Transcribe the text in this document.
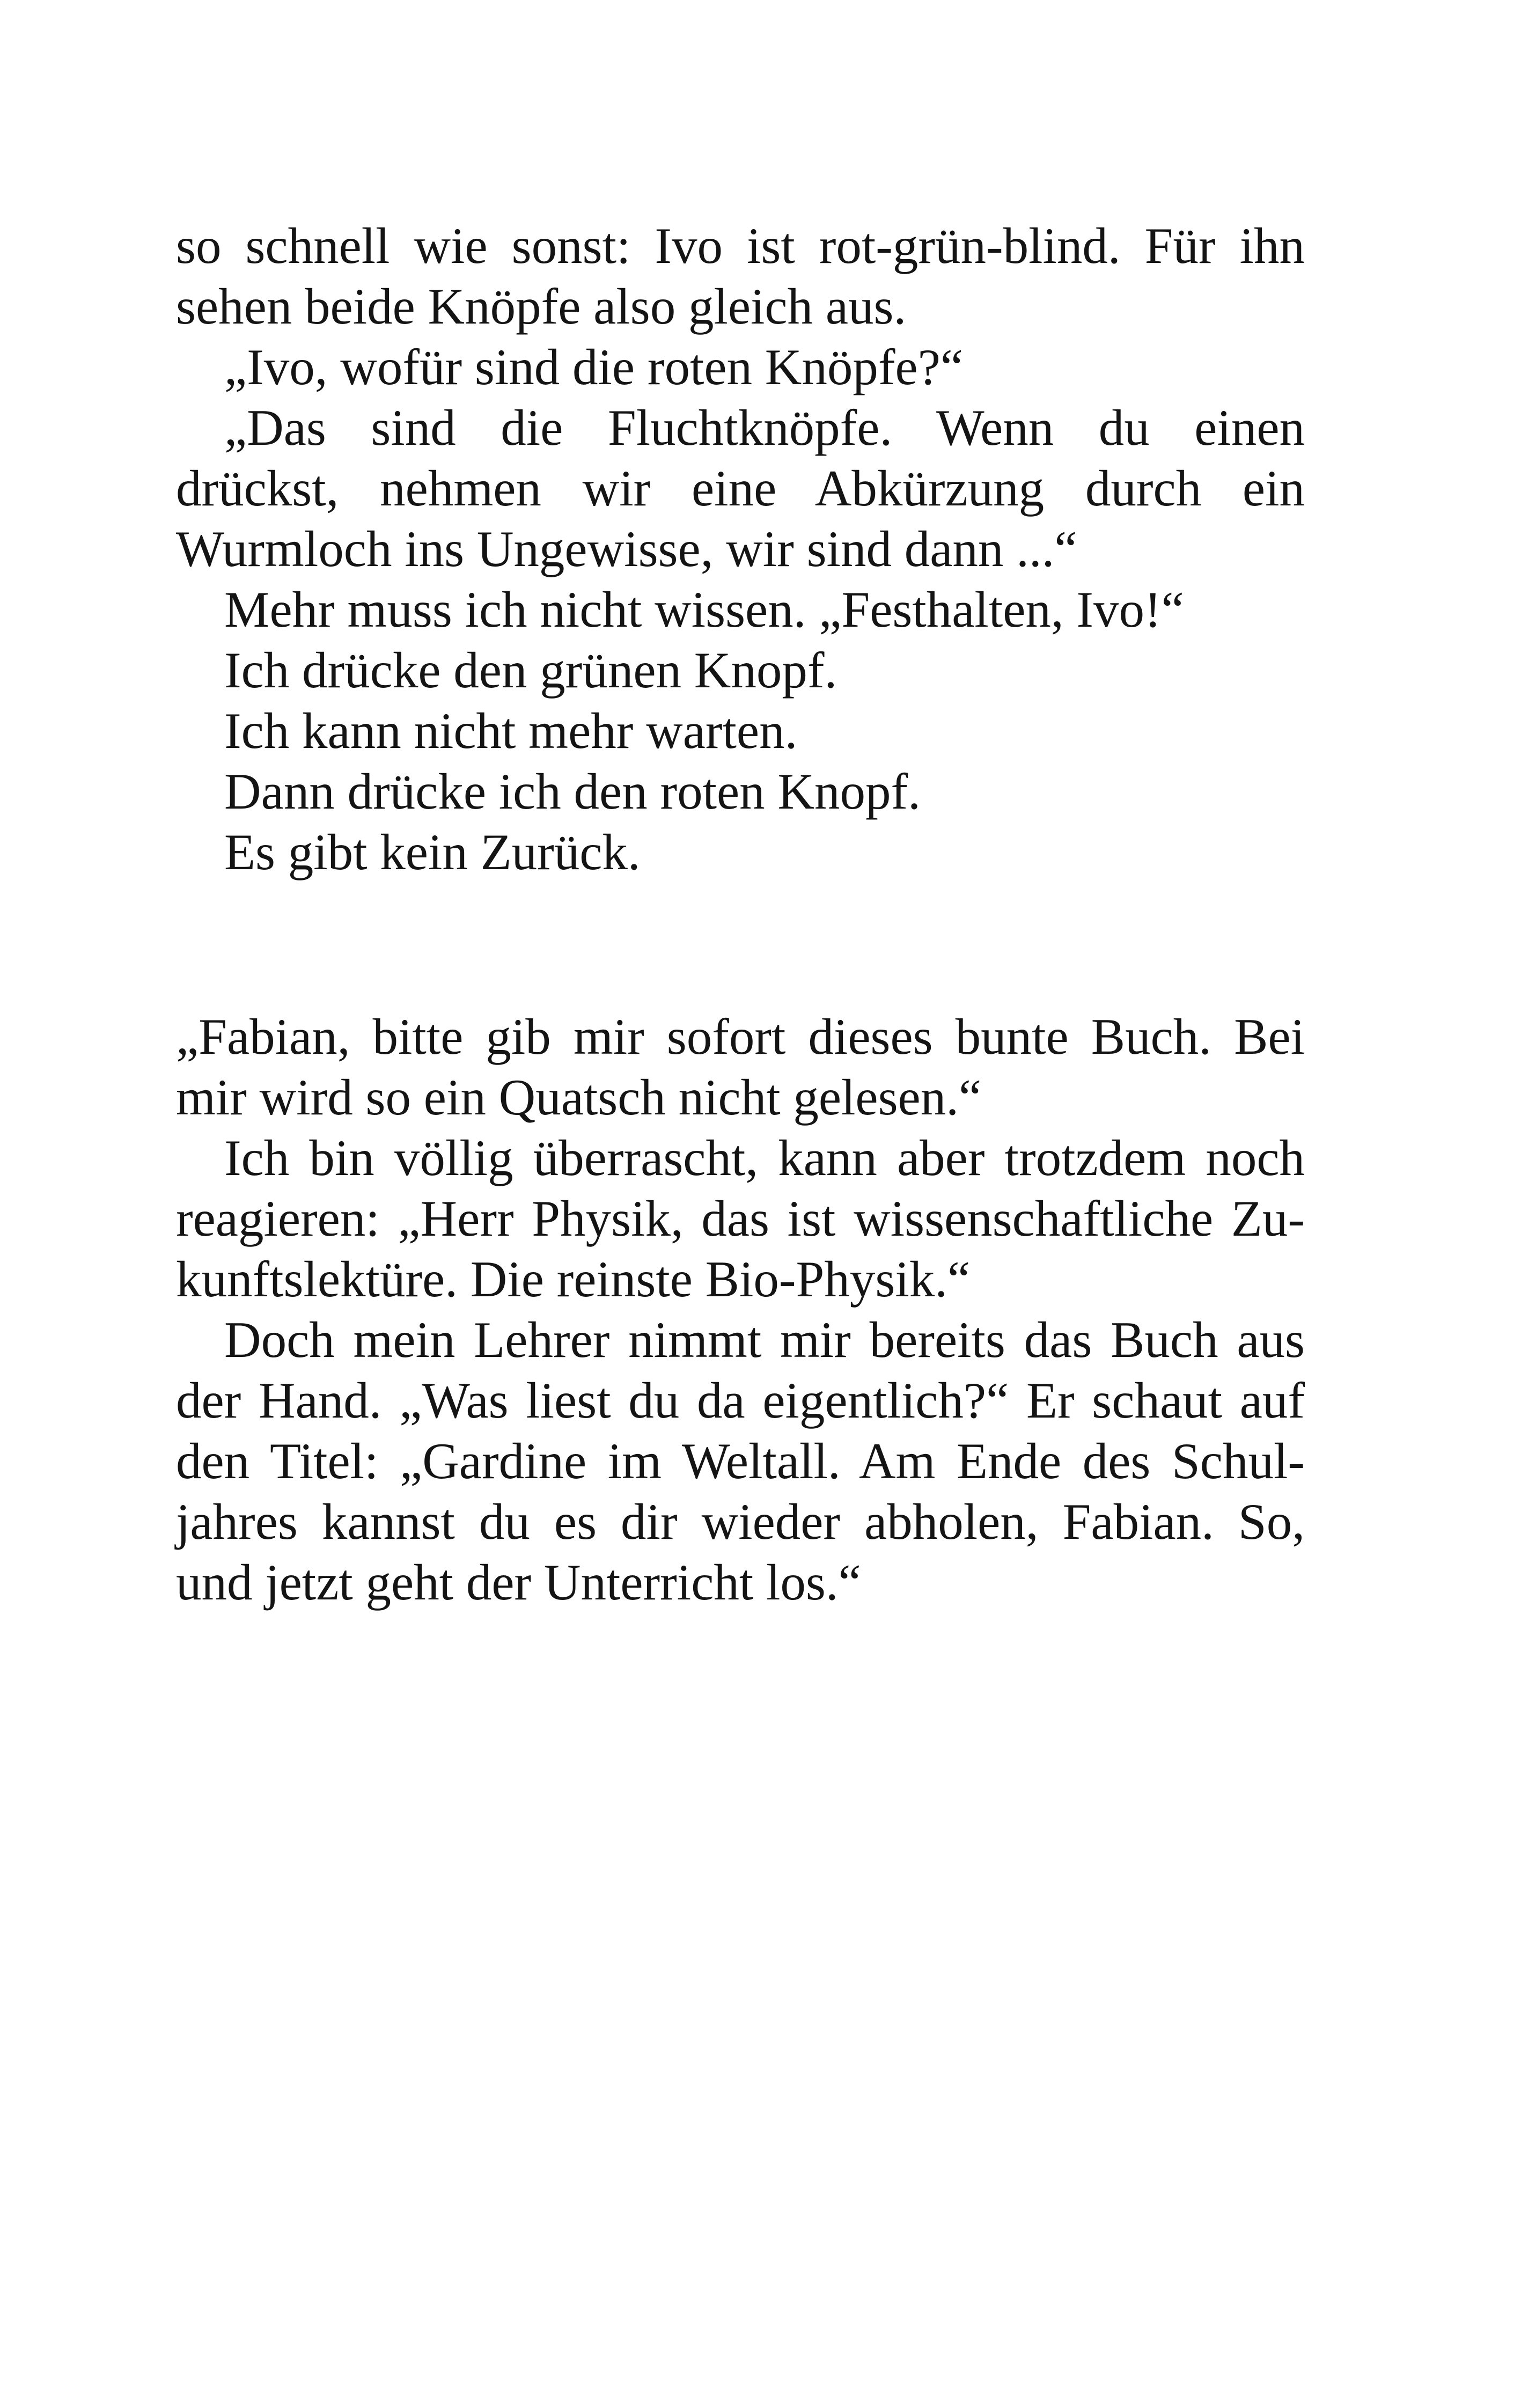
so schnell wie sonst: Ivo ist rot-grün-blind. Für ihn
sehen beide Knöpfe also gleich aus.
„Ivo, wofür sind die roten Knöpfe?“
„Das sind die Fluchtknöpfe. Wenn du einen
drückst, nehmen wir eine Abkürzung durch ein
Wurmloch ins Ungewisse, wir sind dann ...“
Mehr muss ich nicht wissen. „Festhalten, Ivo!“
Ich drücke den grünen Knopf.
Ich kann nicht mehr warten.
Dann drücke ich den roten Knopf.
Es gibt kein Zurück.
„Fabian, bitte gib mir sofort dieses bunte Buch. Bei
mir wird so ein Quatsch nicht gelesen.“
Ich bin völlig überrascht, kann aber trotzdem noch
reagieren: „Herr Physik, das ist wissenschaftliche Zu-
kunftslektüre. Die reinste Bio-Physik.“
Doch mein Lehrer nimmt mir bereits das Buch aus
der Hand. „Was liest du da eigentlich?“ Er schaut auf
den Titel: „Gardine im Weltall. Am Ende des Schul-
jahres kannst du es dir wieder abholen, Fabian. So,
und jetzt geht der Unterricht los.“
